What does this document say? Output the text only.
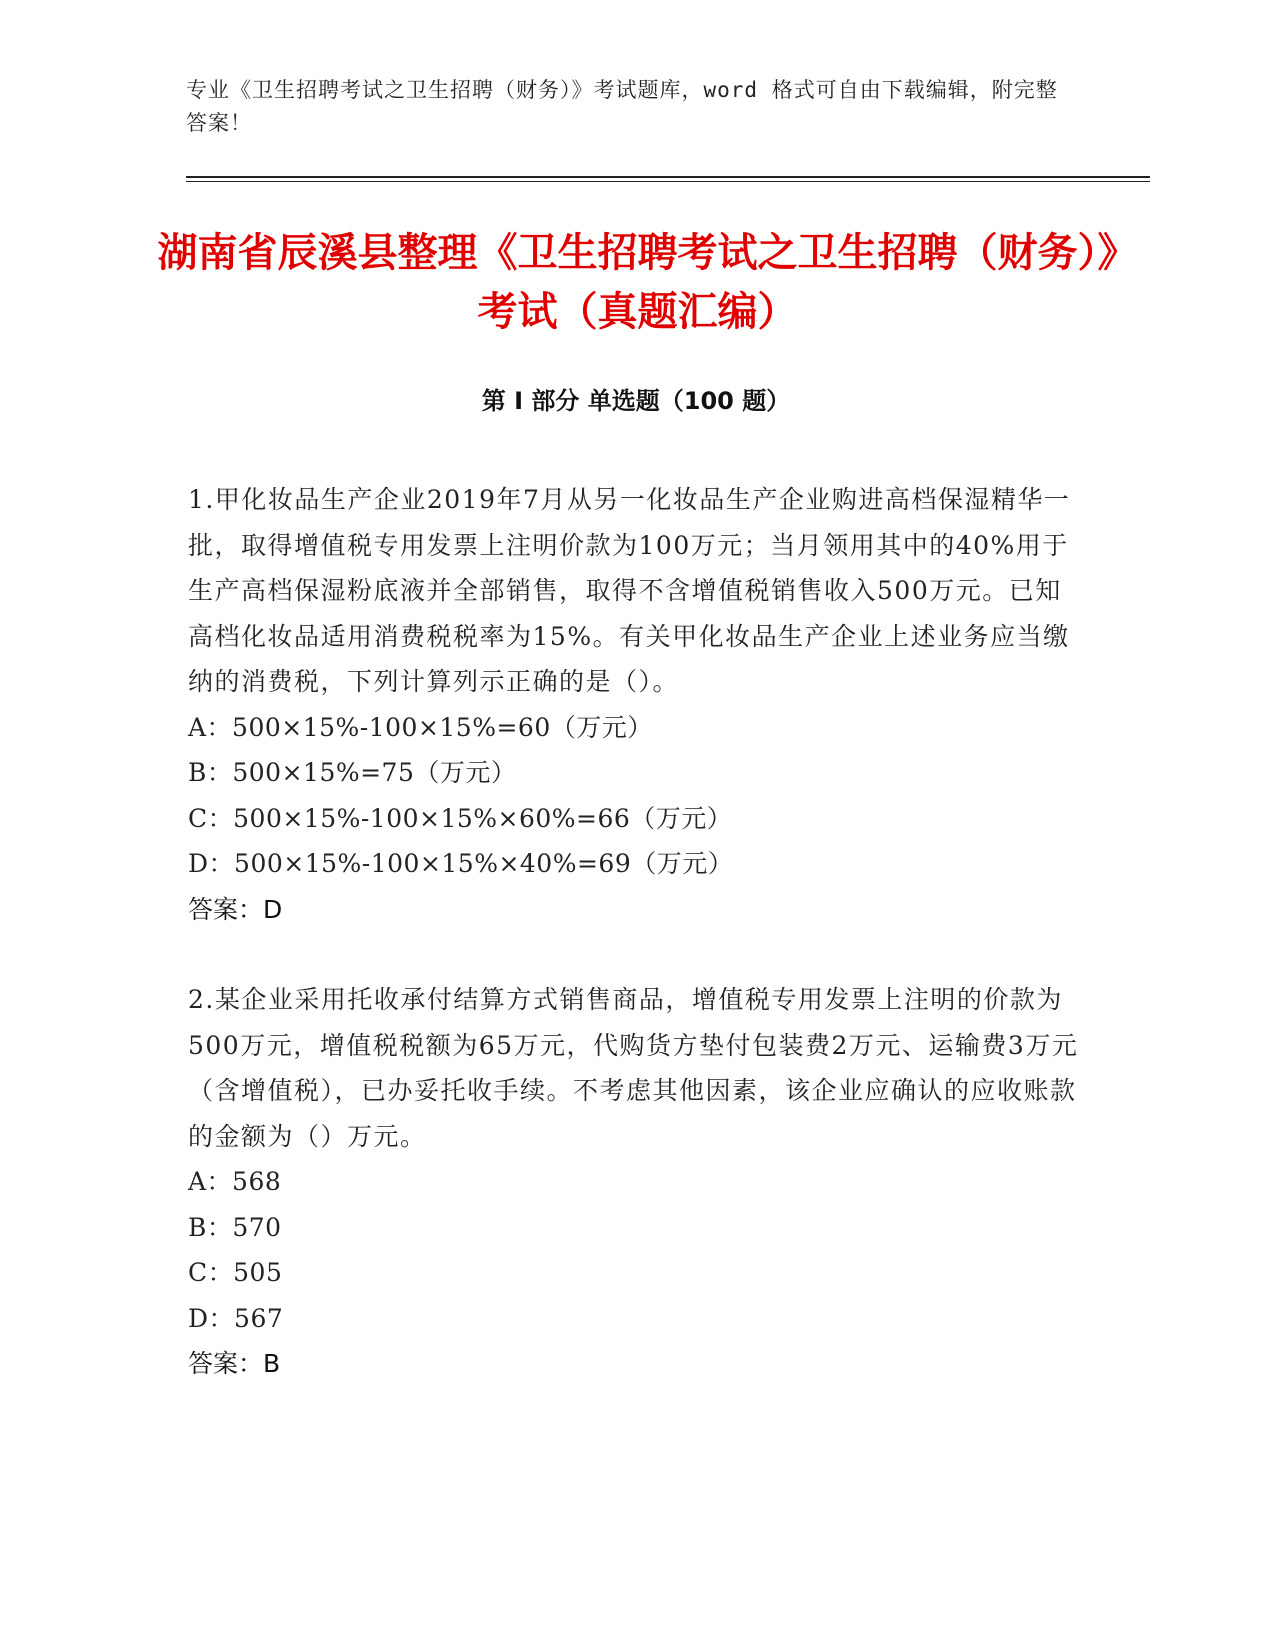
专业《卫生招聘考试之卫生招聘（财务）》考试题库，word 格式可自由下载编辑，附完整答案！
湖南省辰溪县整理《卫生招聘考试之卫生招聘（财务）》考试（真题汇编）
第 I 部分 单选题（100 题）

1.甲化妆品生产企业2019年7月从另一化妆品生产企业购进高档保湿精华一批，取得增值税专用发票上注明价款为100万元；当月领用其中的40%用于生产高档保湿粉底液并全部销售，取得不含增值税销售收入500万元。已知高档化妆品适用消费税税率为15%。有关甲化妆品生产企业上述业务应当缴纳的消费税，下列计算列示正确的是（）。

A：500×15%-100×15%=60（万元）

B：500×15%=75（万元）

C：500×15%-100×15%×60%=66（万元）

D：500×15%-100×15%×40%=69（万元）

答案：D

2.某企业采用托收承付结算方式销售商品，增值税专用发票上注明的价款为500万元，增值税税额为65万元，代购货方垫付包装费2万元、运输费3万元（含增值税），已办妥托收手续。不考虑其他因素，该企业应确认的应收账款的金额为（）万元。

A：568

B：570

C：505

D：567

答案：B
